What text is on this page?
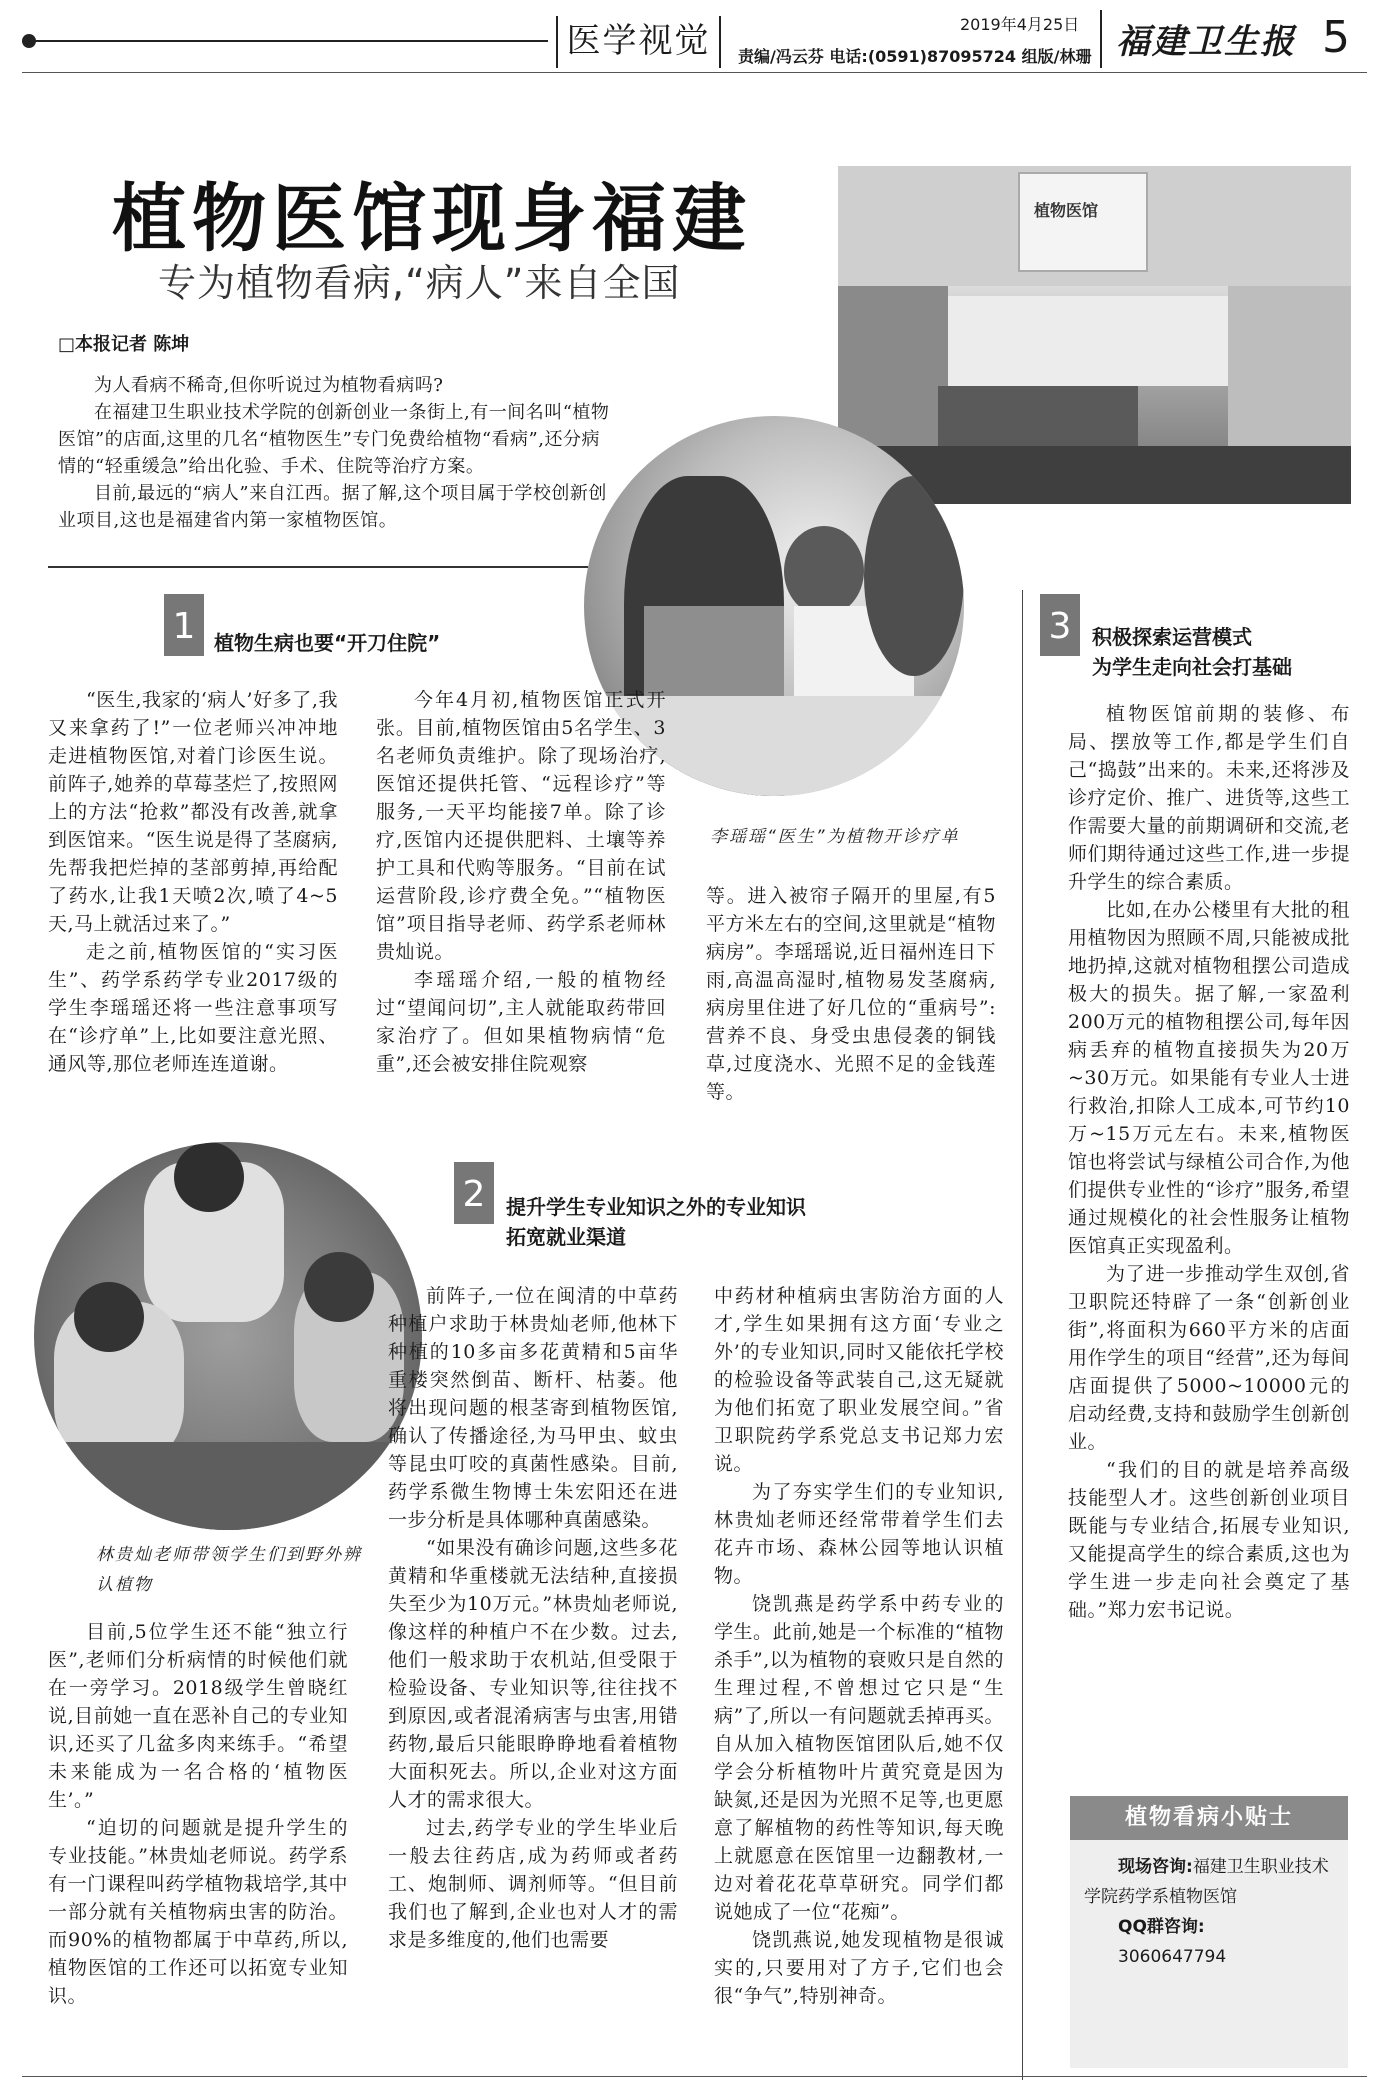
医学视觉	2019年4月25日
责编/冯云芬 电话:(0591)87095724 组版/林珊 福建卫生报 5
植物医馆现身福建
专为植物看病,“病人”来自全国
□本报记者 陈坤
植物医馆
李瑶瑶“医生”为植物开诊疗单

为人看病不稀奇,但你听说过为植物看病吗?

在福建卫生职业技术学院的创新创业一条街上,有一间名叫“植物医馆”的店面,这里的几名“植物医生”专门免费给植物“看病”,还分病情的“轻重缓急”给出化验、手术、住院等治疗方案。

目前,最远的“病人”来自江西。据了解,这个项目属于学校创新创业项目,这也是福建省内第一家植物医馆。

1 植物生病也要“开刀住院”

“医生,我家的‘病人’好多了,我又来拿药了!”一位老师兴冲冲地走进植物医馆,对着门诊医生说。前阵子,她养的草莓茎烂了,按照网上的方法“抢救”都没有改善,就拿到医馆来。“医生说是得了茎腐病,先帮我把烂掉的茎部剪掉,再给配了药水,让我1天喷2次,喷了4~5天,马上就活过来了。”

走之前,植物医馆的“实习医生”、药学系药学专业2017级的学生李瑶瑶还将一些注意事项写在“诊疗单”上,比如要注意光照、通风等,那位老师连连道谢。

今年4月初,植物医馆正式开张。目前,植物医馆由5名学生、3名老师负责维护。除了现场治疗,医馆还提供托管、“远程诊疗”等服务,一天平均能接7单。除了诊疗,医馆内还提供肥料、土壤等养护工具和代购等服务。“目前在试运营阶段,诊疗费全免。”“植物医馆”项目指导老师、药学系老师林贵灿说。

李瑶瑶介绍,一般的植物经过“望闻问切”,主人就能取药带回家治疗了。但如果植物病情“危重”,还会被安排住院观察

等。进入被帘子隔开的里屋,有5平方米左右的空间,这里就是“植物病房”。李瑶瑶说,近日福州连日下雨,高温高湿时,植物易发茎腐病,病房里住进了好几位的“重病号”:营养不良、身受虫患侵袭的铜钱草,过度浇水、光照不足的金钱莲等。

3	积极探索运营模式
为学生走向社会打基础

植物医馆前期的装修、布局、摆放等工作,都是学生们自己“捣鼓”出来的。未来,还将涉及诊疗定价、推广、进货等,这些工作需要大量的前期调研和交流,老师们期待通过这些工作,进一步提升学生的综合素质。

比如,在办公楼里有大批的租用植物因为照顾不周,只能被成批地扔掉,这就对植物租摆公司造成极大的损失。据了解,一家盈利200万元的植物租摆公司,每年因病丢弃的植物直接损失为20万~30万元。如果能有专业人士进行救治,扣除人工成本,可节约10万~15万元左右。未来,植物医馆也将尝试与绿植公司合作,为他们提供专业性的“诊疗”服务,希望通过规模化的社会性服务让植物医馆真正实现盈利。

为了进一步推动学生双创,省卫职院还特辟了一条“创新创业街”,将面积为660平方米的店面用作学生的项目“经营”,还为每间店面提供了5000~10000元的启动经费,支持和鼓励学生创新创业。

“我们的目的就是培养高级技能型人才。这些创新创业项目既能与专业结合,拓展专业知识,又能提高学生的综合素质,这也为学生进一步走向社会奠定了基础。”郑力宏书记说。

植物看病小贴士
现场咨询:福建卫生职业技术学院药学系植物医馆
QQ群咨询:
3060647794
林贵灿老师带领学生们到野外辨认植物
2	提升学生专业知识之外的专业知识
拓宽就业渠道

目前,5位学生还不能“独立行医”,老师们分析病情的时候他们就在一旁学习。2018级学生曾晓红说,目前她一直在恶补自己的专业知识,还买了几盆多肉来练手。“希望未来能成为一名合格的‘植物医生’。”

“迫切的问题就是提升学生的专业技能。”林贵灿老师说。药学系有一门课程叫药学植物栽培学,其中一部分就有关植物病虫害的防治。而90%的植物都属于中草药,所以,植物医馆的工作还可以拓宽专业知识。

前阵子,一位在闽清的中草药种植户求助于林贵灿老师,他林下种植的10多亩多花黄精和5亩华重楼突然倒苗、断杆、枯萎。他将出现问题的根茎寄到植物医馆,确认了传播途径,为马甲虫、蚊虫等昆虫叮咬的真菌性感染。目前,药学系微生物博士朱宏阳还在进一步分析是具体哪种真菌感染。

“如果没有确诊问题,这些多花黄精和华重楼就无法结种,直接损失至少为10万元。”林贵灿老师说,像这样的种植户不在少数。过去,他们一般求助于农机站,但受限于检验设备、专业知识等,往往找不到原因,或者混淆病害与虫害,用错药物,最后只能眼睁睁地看着植物大面积死去。所以,企业对这方面人才的需求很大。

过去,药学专业的学生毕业后一般去往药店,成为药师或者药工、炮制师、调剂师等。“但目前我们也了解到,企业也对人才的需求是多维度的,他们也需要

中药材种植病虫害防治方面的人才,学生如果拥有这方面‘专业之外’的专业知识,同时又能依托学校的检验设备等武装自己,这无疑就为他们拓宽了职业发展空间。”省卫职院药学系党总支书记郑力宏说。

为了夯实学生们的专业知识,林贵灿老师还经常带着学生们去花卉市场、森林公园等地认识植物。

饶凯燕是药学系中药专业的学生。此前,她是一个标准的“植物杀手”,以为植物的衰败只是自然的生理过程,不曾想过它只是“生病”了,所以一有问题就丢掉再买。自从加入植物医馆团队后,她不仅学会分析植物叶片黄究竟是因为缺氮,还是因为光照不足等,也更愿意了解植物的药性等知识,每天晚上就愿意在医馆里一边翻教材,一边对着花花草草研究。同学们都说她成了一位“花痴”。

饶凯燕说,她发现植物是很诚实的,只要用对了方子,它们也会很“争气”,特别神奇。
